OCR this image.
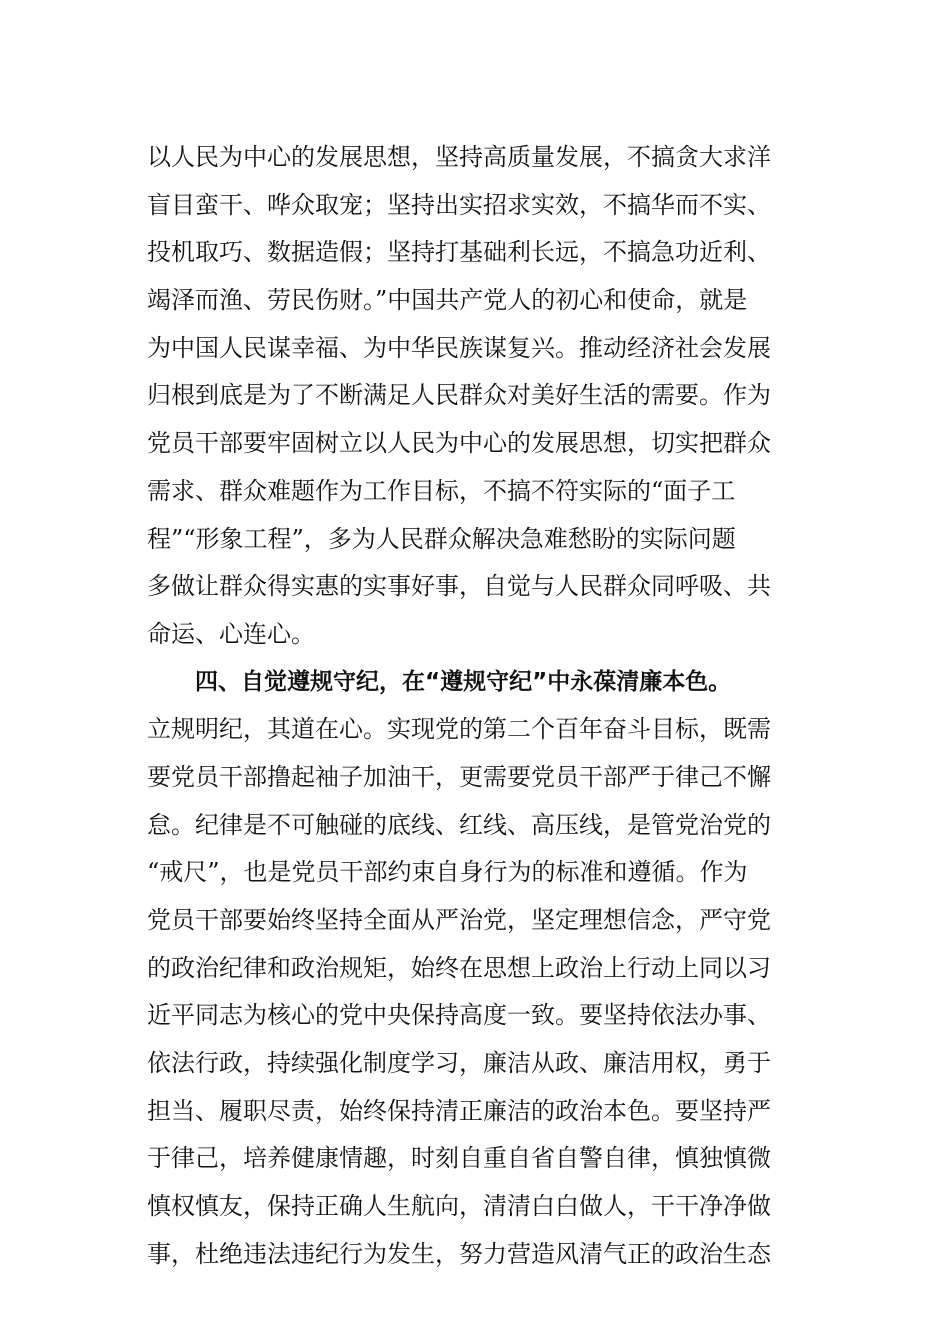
以人民为中心的发展思想，坚持高质量发展，不搞贪大求洋
盲目蛮干、哗众取宠；坚持出实招求实效，不搞华而不实、
投机取巧、数据造假；坚持打基础利长远，不搞急功近利、
竭泽而渔、劳民伤财。”中国共产党人的初心和使命，就是
为中国人民谋幸福、为中华民族谋复兴。推动经济社会发展
归根到底是为了不断满足人民群众对美好生活的需要。作为
党员干部要牢固树立以人民为中心的发展思想，切实把群众
需求、群众难题作为工作目标，不搞不符实际的“面子工
程”“形象工程”，多为人民群众解决急难愁盼的实际问题
多做让群众得实惠的实事好事，自觉与人民群众同呼吸、共
命运、心连心。
四、自觉遵规守纪，在“遵规守纪”中永葆清廉本色。
立规明纪，其道在心。实现党的第二个百年奋斗目标，既需
要党员干部撸起袖子加油干，更需要党员干部严于律己不懈
怠。纪律是不可触碰的底线、红线、高压线，是管党治党的
“戒尺”，也是党员干部约束自身行为的标准和遵循。作为
党员干部要始终坚持全面从严治党，坚定理想信念，严守党
的政治纪律和政治规矩，始终在思想上政治上行动上同以习
近平同志为核心的党中央保持高度一致。要坚持依法办事、
依法行政，持续强化制度学习，廉洁从政、廉洁用权，勇于
担当、履职尽责，始终保持清正廉洁的政治本色。要坚持严
于律己，培养健康情趣，时刻自重自省自警自律，慎独慎微
慎权慎友，保持正确人生航向，清清白白做人，干干净净做
事，杜绝违法违纪行为发生，努力营造风清气正的政治生态
